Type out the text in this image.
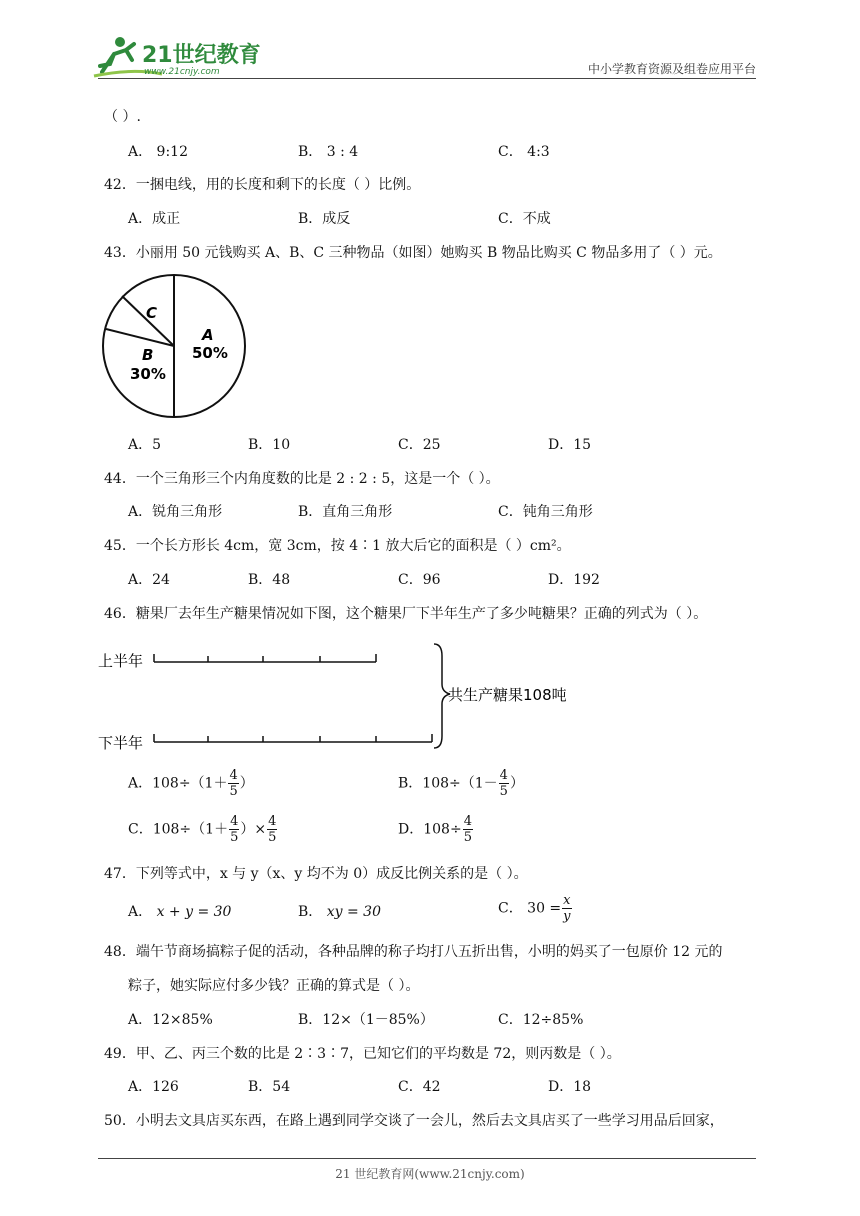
21世纪教育
www.21cnjy.com	中小学教育资源及组卷应用平台
（ ）.
A． 9:12	B． 3 : 4	C． 4:3
42．一捆电线，用的长度和剩下的长度（ ）比例。
A．成正	B．成反	C．不成
43．小丽用 50 元钱购买 A、B、C 三种物品（如图）她购买 B 物品比购买 C 物品多用了（ ）元。
C
A
50%
B
30%
A．5	B．10	C．25	D．15
44．一个三角形三个内角度数的比是 2 : 2 : 5，这是一个（ ）。
A．锐角三角形	B．直角三角形	C．钝角三角形
45．一个长方形长 4cm，宽 3cm，按 4∶1 放大后它的面积是（ ）cm²。
A．24	B．48	C．96	D．192
46．糖果厂去年生产糖果情况如下图，这个糖果厂下半年生产了多少吨糖果？正确的列式为（ ）。
上半年
共生产糖果108吨
下半年
A．$108\div(1+ \frac{4}{5}$ ）	B．$108\div(1- \frac{4}{5}$ ）
C．$108\div(1+ \frac{4}{5}$ ）× $\frac{4}{5}$	D．$108\div \frac{4}{5}$
47．下列等式中，x 与 y（x、y 均不为 0）成反比例关系的是（ ）。
A． x + y = 30	B． xy = 30	C． $30 = \frac{x}{y}$
48．端午节商场搞粽子促的活动，各种品牌的称子均打八五折出售，小明的妈买了一包原价 12 元的
粽子，她实际应付多少钱？正确的算式是（ ）。
A．12×85%	B．12×（1－85%）	C．12÷85%
49．甲、乙、丙三个数的比是 2∶3∶7，已知它们的平均数是 72，则丙数是（ ）。
A．126	B．54	C．42	D．18
50．小明去文具店买东西，在路上遇到同学交谈了一会儿，然后去文具店买了一些学习用品后回家，
21 世纪教育网(www.21cnjy.com)
